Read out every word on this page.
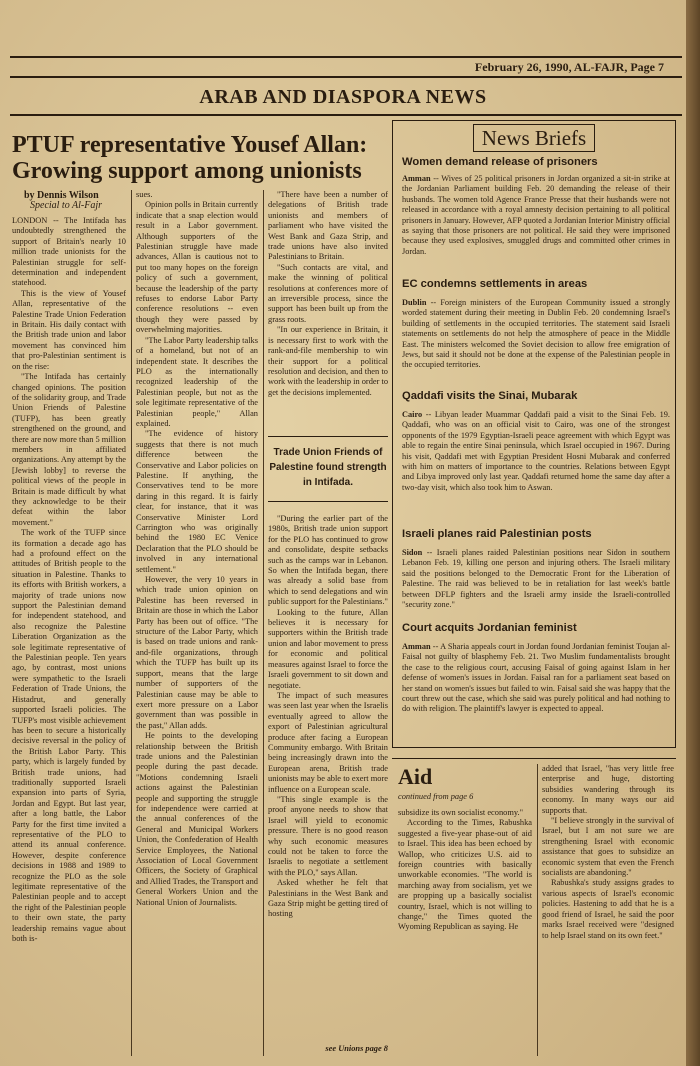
February 26, 1990, AL-FAJR, Page 7
ARAB AND DIASPORA NEWS
PTUF representative Yousef Allan:
Growing support among unionists
by Dennis Wilson
Special to Al-Fajr

LONDON -- The Intifada has undoubtedly strengthened the support of Britain's nearly 10 million trade unionists for the Palestinian struggle for self-determination and independent statehood.

This is the view of Yousef Allan, representative of the Palestine Trade Union Federation in Britain. His daily contact with the British trade union and labor movement has convinced him that pro-Palestinian sentiment is on the rise:

"The Intifada has certainly changed opinions. The position of the solidarity group, and Trade Union Friends of Palestine (TUFP), has been greatly strengthened on the ground, and there are now more than 5 million members in affiliated organizations. Any attempt by the [Jewish lobby] to reverse the political views of the people in Britain is made difficult by what they acknowledge to be their defeat within the labor movement."

The work of the TUFP since its formation a decade ago has had a profound effect on the attitudes of British people to the situation in Palestine. Thanks to its efforts with British workers, a majority of trade unions now support the Palestinian demand for independent statehood, and also recognize the Palestine Liberation Organization as the sole legitimate representative of the Palestinian people. Ten years ago, by contrast, most unions were sympathetic to the Israeli Federation of Trade Unions, the Histadrut, and generally supported Israeli policies. The TUFP's most visible achievement has been to secure a historically decisive reversal in the policy of the British Labor Party. This party, which is largely funded by British trade unions, had traditionally supported Israeli expansion into parts of Syria, Jordan and Egypt. But last year, after a long battle, the Labor Party for the first time invited a representative of the PLO to attend its annual conference. However, despite conference decisions in 1988 and 1989 to recognize the PLO as the sole legitimate representative of the Palestinian people and to accept the right of the Palestinian people to their own state, the party leadership remains vague about both is-

sues.

Opinion polls in Britain currently indicate that a snap election would result in a Labor government. Although supporters of the Palestinian struggle have made advances, Allan is cautious not to put too many hopes on the foreign policy of such a government, because the leadership of the party refuses to endorse Labor Party conference resolutions -- even though they were passed by overwhelming majorities.

"The Labor Party leadership talks of a homeland, but not of an independent state. It describes the PLO as the internationally recognized leadership of the Palestinian people, but not as the sole legitimate representative of the Palestinian people," Allan explained.

"The evidence of history suggests that there is not much difference between the Conservative and Labor policies on Palestine. If anything, the Conservatives tend to be more daring in this regard. It is fairly clear, for instance, that it was Conservative Minister Lord Carrington who was originally behind the 1980 EC Venice Declaration that the PLO should be involved in any international settlement."

However, the very 10 years in which trade union opinion on Palestine has been reversed in Britain are those in which the Labor Party has been out of office. "The structure of the Labor Party, which is based on trade unions and rank-and-file organizations, through which the TUFP has built up its support, means that the large number of supporters of the Palestinian cause may be able to exert more pressure on a Labor government than was possible in the past," Allan adds.

He points to the developing relationship between the British trade unions and the Palestinian people during the past decade. "Motions condemning Israeli actions against the Palestinian people and supporting the struggle for independence were carried at the annual conferences of the General and Municipal Workers Union, the Confederation of Health Service Employees, the National Association of Local Government Officers, the Society of Graphical and Allied Trades, the Transport and General Workers Union and the National Union of Journalists.

"There have been a number of delegations of British trade unionists and members of parliament who have visited the West Bank and Gaza Strip, and trade unions have also invited Palestinians to Britain.

"Such contacts are vital, and make the winning of political resolutions at conferences more of an irreversible process, since the support has been built up from the grass roots.

"In our experience in Britain, it is necessary first to work with the rank-and-file membership to win their support for a political resolution and decision, and then to work with the leadership in order to get the decisions implemented.

Trade Union Friends of Palestine found strength in Intifada.

"During the earlier part of the 1980s, British trade union support for the PLO has continued to grow and consolidate, despite setbacks such as the camps war in Lebanon. So when the Intifada began, there was already a solid base from which to send delegations and win public support for the Palestinians."

Looking to the future, Allan believes it is necessary for supporters within the British trade union and labor movement to press for economic and political measures against Israel to force the Israeli government to sit down and negotiate.

The impact of such measures was seen last year when the Israelis eventually agreed to allow the export of Palestinian agricultural produce after facing a European Community embargo. With Britain being increasingly drawn into the European arena, British trade unionists may be able to exert more influence on a European scale.

"This single example is the proof anyone needs to show that Israel will yield to economic pressure. There is no good reason why such economic measures could not be taken to force the Israelis to negotiate a settlement with the PLO," says Allan.

Asked whether he felt that Palestinians in the West Bank and Gaza Strip might be getting tired of hosting

see Unions page 8
News Briefs
Women demand release of prisoners
Amman -- Wives of 25 political prisoners in Jordan organized a sit-in strike at the Jordanian Parliament building Feb. 20 demanding the release of their husbands. The women told Agence France Presse that their husbands were not released in accordance with a royal amnesty decision pertaining to all political prisoners in January. However, AFP quoted a Jordanian Interior Ministry official as saying that those prisoners are not political. He said they were imprisoned because they used explosives, smuggled drugs and committed other crimes in Jordan.
EC condemns settlements in areas
Dublin -- Foreign ministers of the European Community issued a strongly worded statement during their meeting in Dublin Feb. 20 condemning Israel's building of settlements in the occupied territories. The statement said Israeli statements on settlements do not help the atmosphere of peace in the Middle East. The ministers welcomed the Soviet decision to allow free emigration of Jews, but said it should not be done at the expense of the Palestinian people in the occupied territories.
Qaddafi visits the Sinai, Mubarak
Cairo -- Libyan leader Muammar Qaddafi paid a visit to the Sinai Feb. 19. Qaddafi, who was on an official visit to Cairo, was one of the strongest opponents of the 1979 Egyptian-Israeli peace agreement with which Egypt was able to regain the entire Sinai peninsula, which Israel occupied in 1967. During his visit, Qaddafi met with Egyptian President Hosni Mubarak and conferred with him on matters of importance to the countries. Relations between Egypt and Libya improved only last year. Qaddafi returned home the same day after a two-day visit, which also took him to Aswan.
Israeli planes raid Palestinian posts
Sidon -- Israeli planes raided Palestinian positions near Sidon in southern Lebanon Feb. 19, killing one person and injuring others. The Israeli military said the positions belonged to the Democratic Front for the Liberation of Palestine. The raid was believed to be in retaliation for last week's battle between DFLP fighters and the Israeli army inside the Israeli-controlled "security zone."
Court acquits Jordanian feminist
Amman -- A Sharia appeals court in Jordan found Jordanian feminist Toujan al-Faisal not guilty of blasphemy Feb. 21. Two Muslim fundamentalists brought the case to the religious court, accusing Faisal of going against Islam in her defense of women's issues in Jordan. Faisal ran for a parliament seat based on her stand on women's issues but failed to win. Faisal said she was happy that the court threw out the case, which she said was purely political and had nothing to do with religion. The plaintiff's lawyer is expected to appeal.
Aid
continued from page 6

subsidize its own socialist economy."

According to the Times, Rabushka suggested a five-year phase-out of aid to Israel. This idea has been echoed by Wallop, who criticizes U.S. aid to foreign countries with basically unworkable economies. "The world is marching away from socialism, yet we are propping up a basically socialist country, Israel, which is not willing to change," the Times quoted the Wyoming Republican as saying. He

added that Israel, "has very little free enterprise and huge, distorting subsidies wandering through its economy. In many ways our aid supports that.

"I believe strongly in the survival of Israel, but I am not sure we are strengthening Israel with economic assistance that goes to subsidize an economic system that even the French socialists are abandoning."

Rabushka's study assigns grades to various aspects of Israel's economic policies. Hastening to add that he is a good friend of Israel, he said the poor marks Israel received were "designed to help Israel stand on its own feet."
